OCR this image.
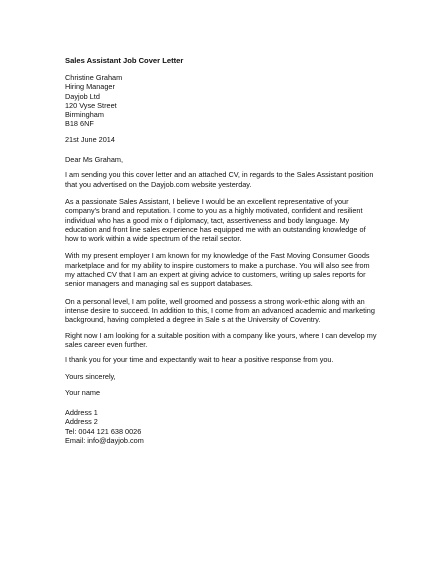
Sales Assistant Job Cover Letter
Christine Graham
Hiring Manager
Dayjob Ltd
120 Vyse Street
Birmingham
B18 6NF
21st June 2014
Dear Ms Graham,
I am sending you this cover letter and an attached CV, in regards to the Sales Assistant position
that you advertised on the Dayjob.com website yesterday.
As a passionate Sales Assistant, I believe I would be an excellent representative of your
company's brand and reputation. I come to you as a highly motivated, confident and resilient
individual who has a good mix o f diplomacy, tact, assertiveness and body language. My
education and front line sales experience has equipped me with an outstanding knowledge of
how to work within a wide spectrum of the retail sector.
With my present employer I am known for my knowledge of the Fast Moving Consumer Goods
marketplace and for my ability to inspire customers to make a purchase. You will also see from
my attached CV that I am an expert at giving advice to customers, writing up sales reports for
senior managers and managing sal es support databases.
On a personal level, I am polite, well groomed and possess a strong work-ethic along with an
intense desire to succeed. In addition to this, I come from an advanced academic and marketing
background, having completed a degree in Sale s at the University of Coventry.
Right now I am looking for a suitable position with a company like yours, where I can develop my
sales career even further.
I thank you for your time and expectantly wait to hear a positive response from you.
Yours sincerely,
Your name
Address 1
Address 2
Tel: 0044 121 638 0026
Email: info@dayjob.com
